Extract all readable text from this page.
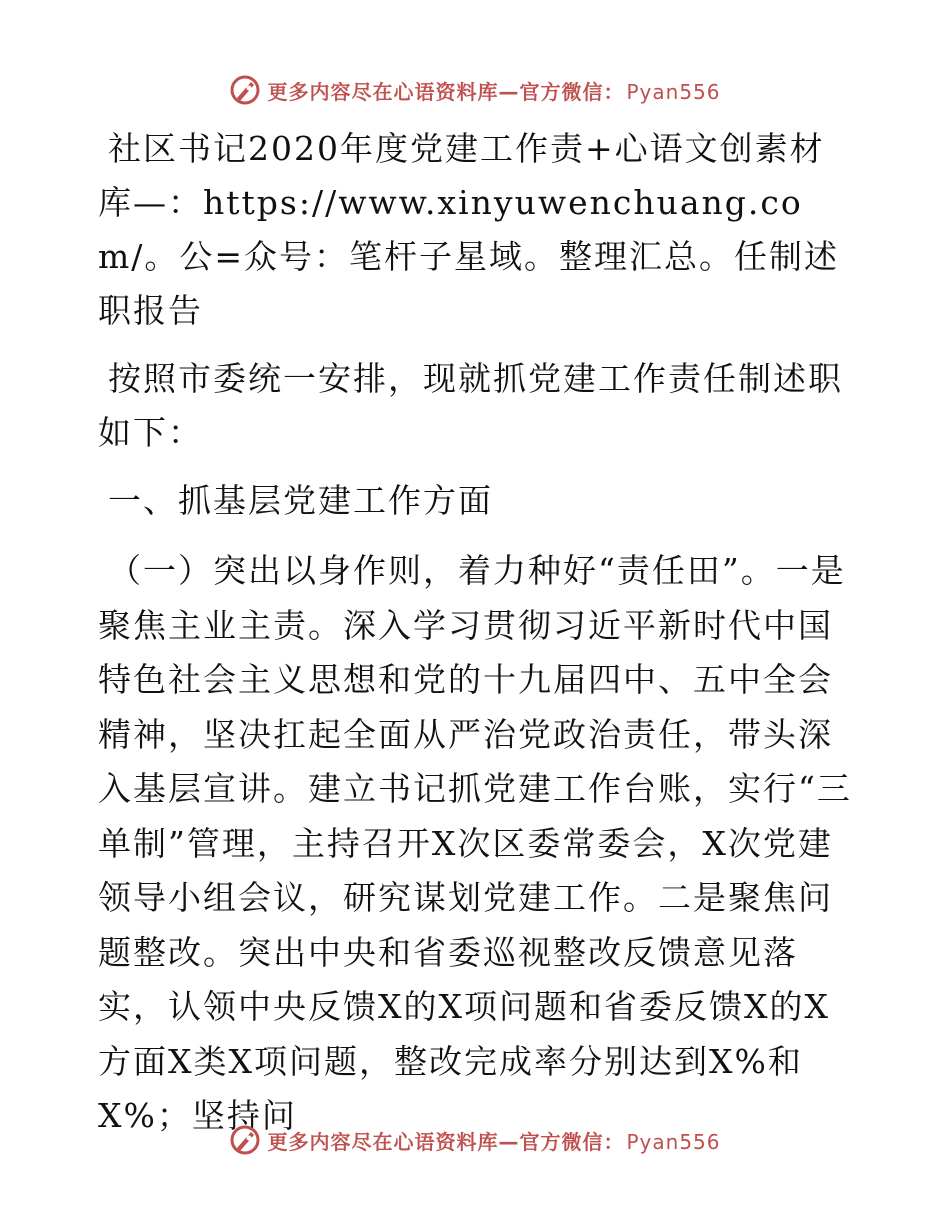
更多内容尽在心语资料库—官方微信： Pyan556

社区书记2020年度党建工作责+心语文创素材库—：https://www.xinyuwenchuang.com/。公=众号：笔杆子星域。整理汇总。任制述职报告

按照市委统一安排，现就抓党建工作责任制述职如下：

一、抓基层党建工作方面

（一）突出以身作则，着力种好“责任田”。一是聚焦主业主责。深入学习贯彻习近平新时代中国特色社会主义思想和党的十九届四中、五中全会精神，坚决扛起全面从严治党政治责任，带头深入基层宣讲。建立书记抓党建工作台账，实行“三单制”管理，主持召开X次区委常委会，X次党建领导小组会议，研究谋划党建工作。二是聚焦问题整改。突出中央和省委巡视整改反馈意见落实，认领中央反馈X的X项问题和省委反馈X的X方面X类X项问题，整改完成率分别达到X%和X%；坚持问

更多内容尽在心语资料库—官方微信： Pyan556
